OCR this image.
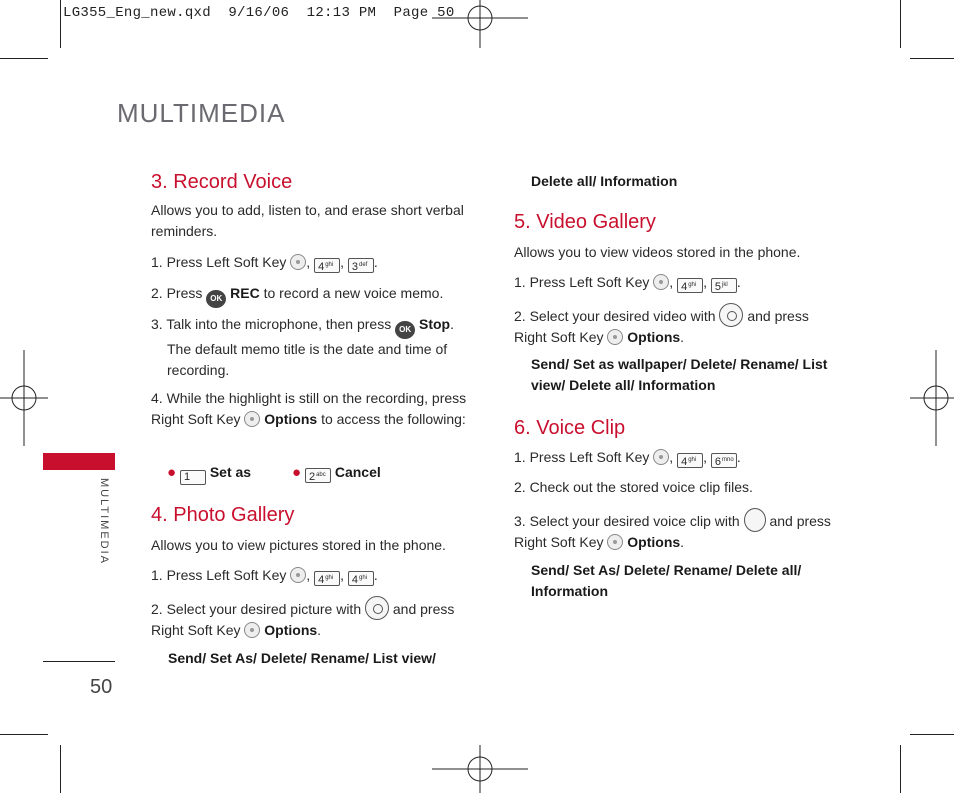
LG355_Eng_new.qxd  9/16/06  12:13 PM  Page 50
MULTIMEDIA
MULTIMEDIA
50
3. Record Voice
Allows you to add, listen to, and erase short verbal reminders.
1. Press Left Soft Key , $4_{ghi}$ , $3_{def}$ .
2. Press OK REC to record a new voice memo.
3. Talk into the microphone, then press OK Stop.
The default memo title is the date and time of recording.
4. While the highlight is still on the recording, press Right Soft Key Options to access the following:
● 1 Set as	● $2_{abc}$ Cancel
4. Photo Gallery
Allows you to view pictures stored in the phone.
1. Press Left Soft Key , $4_{ghi}$ , $4_{ghi}$ .
2. Select your desired picture with and press Right Soft Key Options.
Send/ Set As/ Delete/ Rename/ List view/
Delete all/ Information
5. Video Gallery
Allows you to view videos stored in the phone.
1. Press Left Soft Key , $4_{ghi}$ , $5_{jkl}$ .
2. Select your desired video with and press Right Soft Key Options.
Send/ Set as wallpaper/ Delete/ Rename/ List view/ Delete all/ Information
6. Voice Clip
1. Press Left Soft Key , $4_{ghi}$ , $6_{mno}$ .
2. Check out the stored voice clip files.
3. Select your desired voice clip with and press Right Soft Key Options.
Send/ Set As/ Delete/ Rename/ Delete all/ Information
